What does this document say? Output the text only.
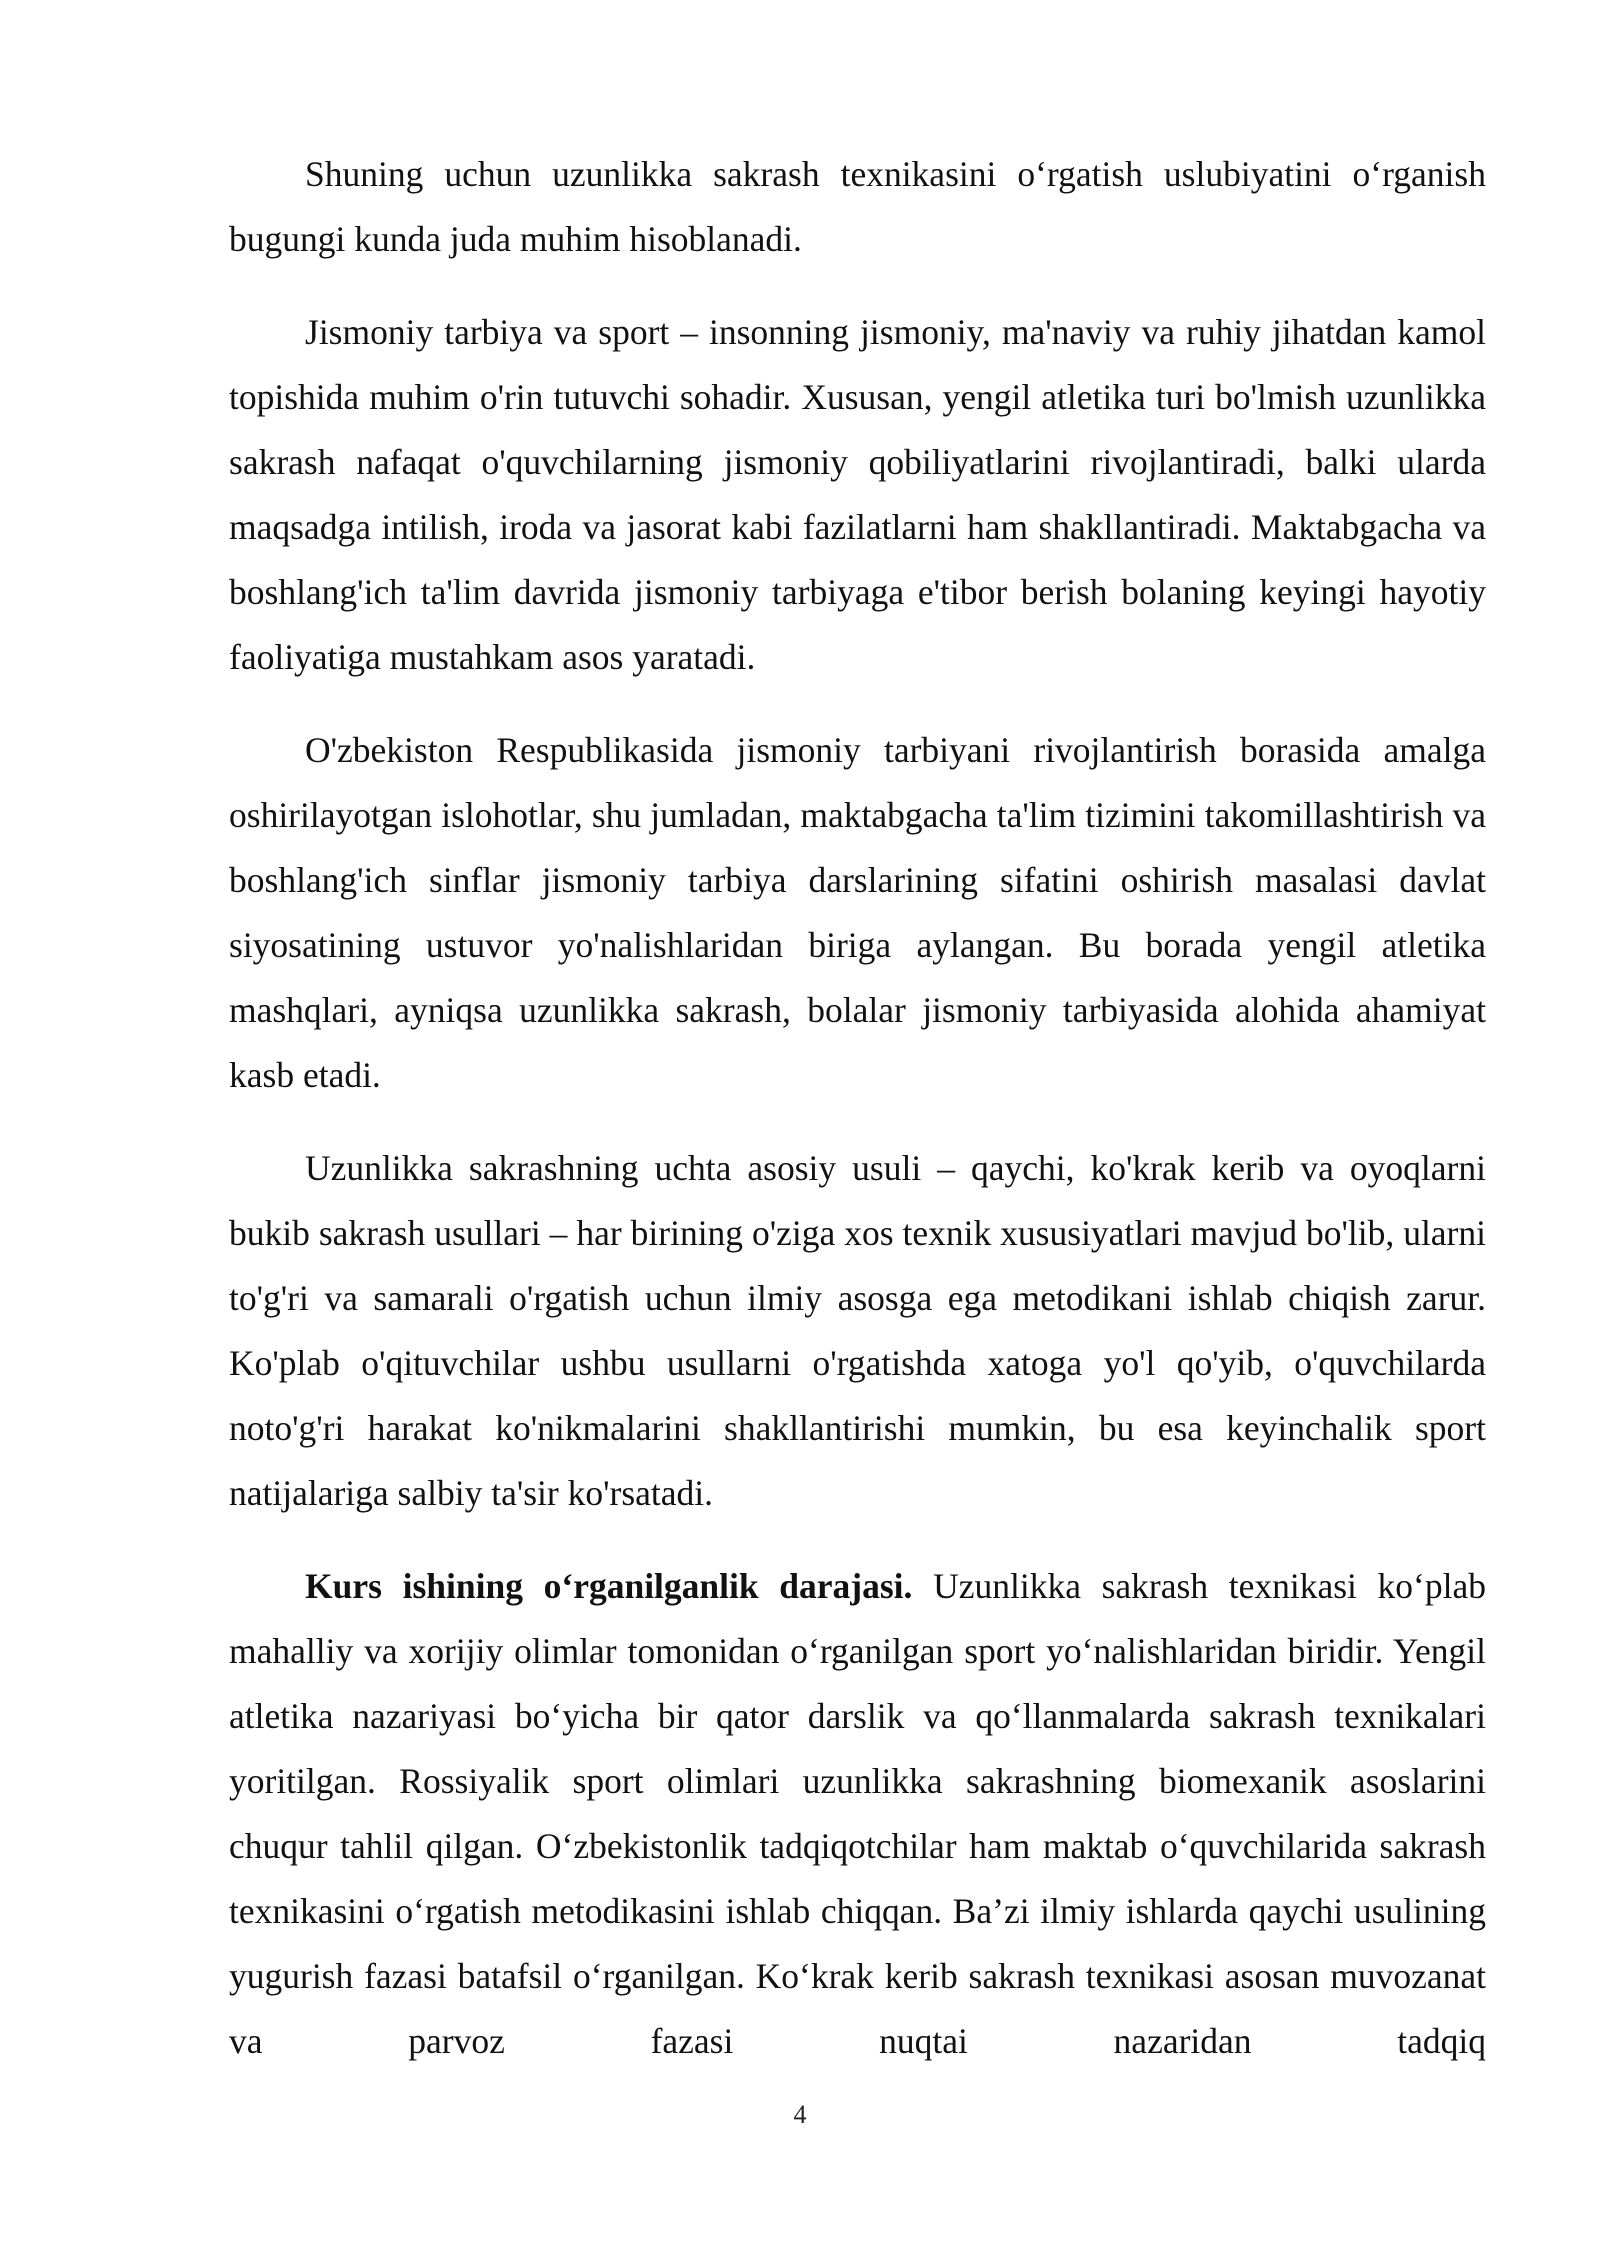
Shuning uchun uzunlikka sakrash texnikasini o‘rgatish uslubiyatini o‘rganish bugungi kunda juda muhim hisoblanadi.

Jismoniy tarbiya va sport – insonning jismoniy, ma'naviy va ruhiy jihatdan kamol topishida muhim o'rin tutuvchi sohadir. Xususan, yengil atletika turi bo'lmish uzunlikka sakrash nafaqat o'quvchilarning jismoniy qobiliyatlarini rivojlantiradi, balki ularda maqsadga intilish, iroda va jasorat kabi fazilatlarni ham shakllantiradi. Maktabgacha va boshlang'ich ta'lim davrida jismoniy tarbiyaga e'tibor berish bolaning keyingi hayotiy faoliyatiga mustahkam asos yaratadi.

O'zbekiston Respublikasida jismoniy tarbiyani rivojlantirish borasida amalga oshirilayotgan islohotlar, shu jumladan, maktabgacha ta'lim tizimini takomillashtirish va boshlang'ich sinflar jismoniy tarbiya darslarining sifatini oshirish masalasi davlat siyosatining ustuvor yo'nalishlaridan biriga aylangan. Bu borada yengil atletika mashqlari, ayniqsa uzunlikka sakrash, bolalar jismoniy tarbiyasida alohida ahamiyat kasb etadi.

Uzunlikka sakrashning uchta asosiy usuli – qaychi, ko'krak kerib va oyoqlarni bukib sakrash usullari – har birining o'ziga xos texnik xususiyatlari mavjud bo'lib, ularni to'g'ri va samarali o'rgatish uchun ilmiy asosga ega metodikani ishlab chiqish zarur. Ko'plab o'qituvchilar ushbu usullarni o'rgatishda xatoga yo'l qo'yib, o'quvchilarda noto'g'ri harakat ko'nikmalarini shakllantirishi mumkin, bu esa keyinchalik sport natijalariga salbiy ta'sir ko'rsatadi.

Kurs ishining o‘rganilganlik darajasi. Uzunlikka sakrash texnikasi ko‘plab mahalliy va xorijiy olimlar tomonidan o‘rganilgan sport yo‘nalishlaridan biridir. Yengil atletika nazariyasi bo‘yicha bir qator darslik va qo‘llanmalarda sakrash texnikalari yoritilgan. Rossiyalik sport olimlari uzunlikka sakrashning biomexanik asoslarini chuqur tahlil qilgan. O‘zbekistonlik tadqiqotchilar ham maktab o‘quvchilarida sakrash texnikasini o‘rgatish metodikasini ishlab chiqqan. Ba’zi ilmiy ishlarda qaychi usulining yugurish fazasi batafsil o‘rganilgan. Ko‘krak kerib sakrash texnikasi asosan muvozanat va parvoz fazasi nuqtai nazaridan tadqiq

4
